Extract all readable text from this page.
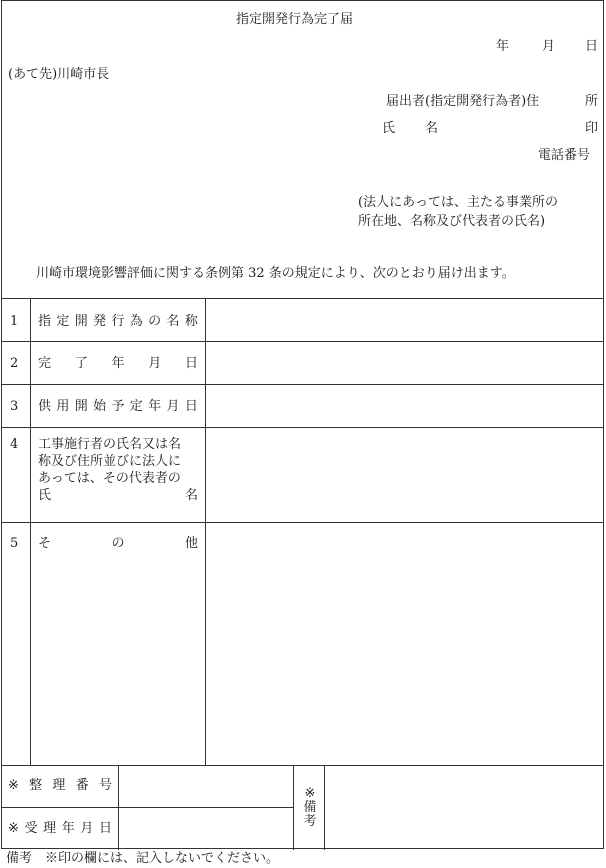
指定開発行為完了届
年	月 日
(あて先)川崎市長
届出者(指定開発行為者)住	所
氏 名	印
電話番号
(法人にあっては、主たる事業所の
所在地、名称及び代表者の氏名)
川崎市環境影響評価に関する条例第 32 条の規定により、次のとおり届け出ます。
1 指 定 開 発 行 為 の 名 称
2 完 了 年 月 日
3 供 用 開 始 予 定 年 月 日
4 工事施行者の氏名又は名
称及び住所並びに法人に
あっては、その代表者の
氏	名
5 そ	の	他
※ 整 理 番 号
※ 受 理 年 月 日
※
備
考
備考　※印の欄には、記入しないでください。
